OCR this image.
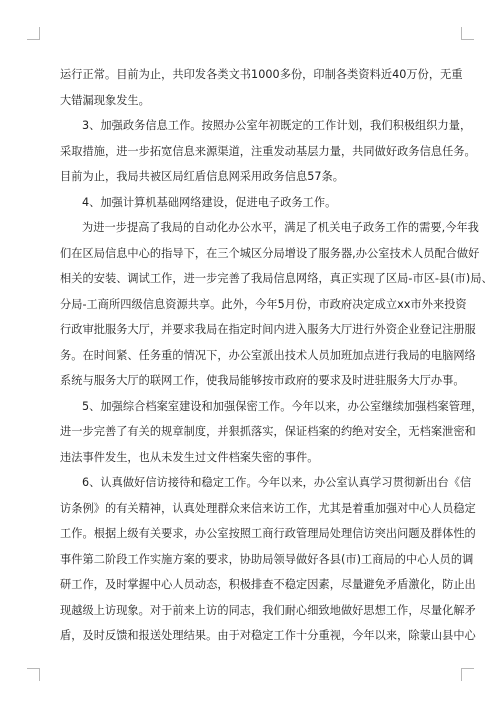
运行正常。目前为止，共印发各类文书1000多份，印制各类资料近40万份，无重
大错漏现象发生。
3、加强政务信息工作。按照办公室年初既定的工作计划，我们积极组织力量，
采取措施，进一步拓宽信息来源渠道，注重发动基层力量，共同做好政务信息任务。
目前为止，我局共被区局红盾信息网采用政务信息57条。
4、加强计算机基础网络建设，促进电子政务工作。
为进一步提高了我局的自动化办公水平，满足了机关电子政务工作的需要,今年我
们在区局信息中心的指导下，在三个城区分局增设了服务器,办公室技术人员配合做好
相关的安装、调试工作，进一步完善了我局信息网络，真正实现了区局-市区-县(市)局、
分局-工商所四级信息资源共享。此外，今年5月份，市政府决定成立xx市外来投资
行政审批服务大厅，并要求我局在指定时间内进入服务大厅进行外资企业登记注册服
务。在时间紧、任务重的情况下，办公室派出技术人员加班加点进行我局的电脑网络
系统与服务大厅的联网工作，使我局能够按市政府的要求及时进驻服务大厅办事。
5、加强综合档案室建设和加强保密工作。今年以来，办公室继续加强档案管理，
进一步完善了有关的规章制度，并狠抓落实，保证档案的约绝对安全，无档案泄密和
违法事件发生，也从未发生过文件档案失密的事件。
6、认真做好信访接待和稳定工作。今年以来，办公室认真学习贯彻新出台《信
访条例》的有关精神，认真处理群众来信来访工作，尤其是着重加强对中心人员稳定
工作。根据上级有关要求，办公室按照工商行政管理局处理信访突出问题及群体性的
事件第二阶段工作实施方案的要求，协助局领导做好各县(市)工商局的中心人员的调
研工作，及时掌握中心人员动态，积极排查不稳定因素，尽量避免矛盾激化，防止出
现越级上访现象。对于前来上访的同志，我们耐心细致地做好思想工作，尽量化解矛
盾，及时反馈和报送处理结果。由于对稳定工作十分重视，今年以来，除蒙山县中心
